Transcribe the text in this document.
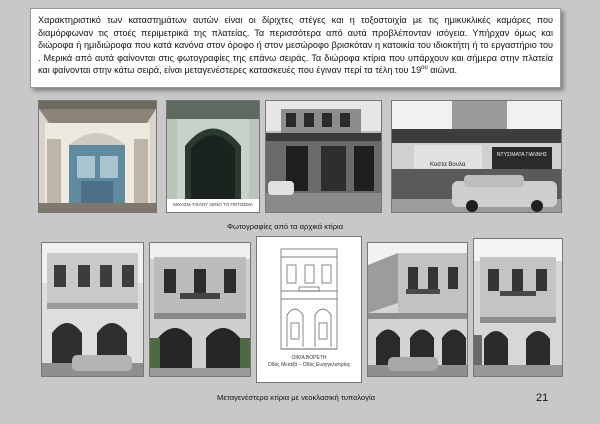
Χαρακτηριστικό των καταστημάτων αυτών είναι οι δίριχτες στέγες και η τοξοστοιχία με τις ημικυκλικές καμάρες που διαμόρφωναν τις στοές περιμετρικά της πλατείας. Τα περισσότερα από αυτά προβλέπονταν ισόγεια. Υπήρχαν όμως και διώροφα ή ημιδιώροφα που κατά κανόνα στον όροφο ή στον μεσώροφο βρισκόταν η κατοικία του ιδιοκτήτη ή το εργαστήριο του . Μερικά από αυτά φαίνονται στις φωτογραφίες της επάνω σειράς. Τα διώροφα κτίρια που υπάρχουν και σήμερα στην πλατεία και φαίνονται στην κάτω σειρά, είναι μεταγενέστερες κατασκευές που έγιναν περί τα τέλη του $19^{o\upsilon}$ αιώνα.
ΜΙΧΑΣΜ ΤΙΧΛΟΥ ΞΕΝΟ ΤΟ ΠΟΤΟΣΜΑ
Κοστα Βουλα
ΝΤΥΣΙΜΑΤΑ ΓΙΑΝΝΗΣ
Φωτογραφίες από τα αρχικά κτίρια
ΟΙΚΙΑ ΒΟΡΕΤΗ
Οδός Μεταξά – Οδός Ευαγγελιστρίας
Μεταγενέστερα κτίρια με νεοκλασική τυπολογία	21
